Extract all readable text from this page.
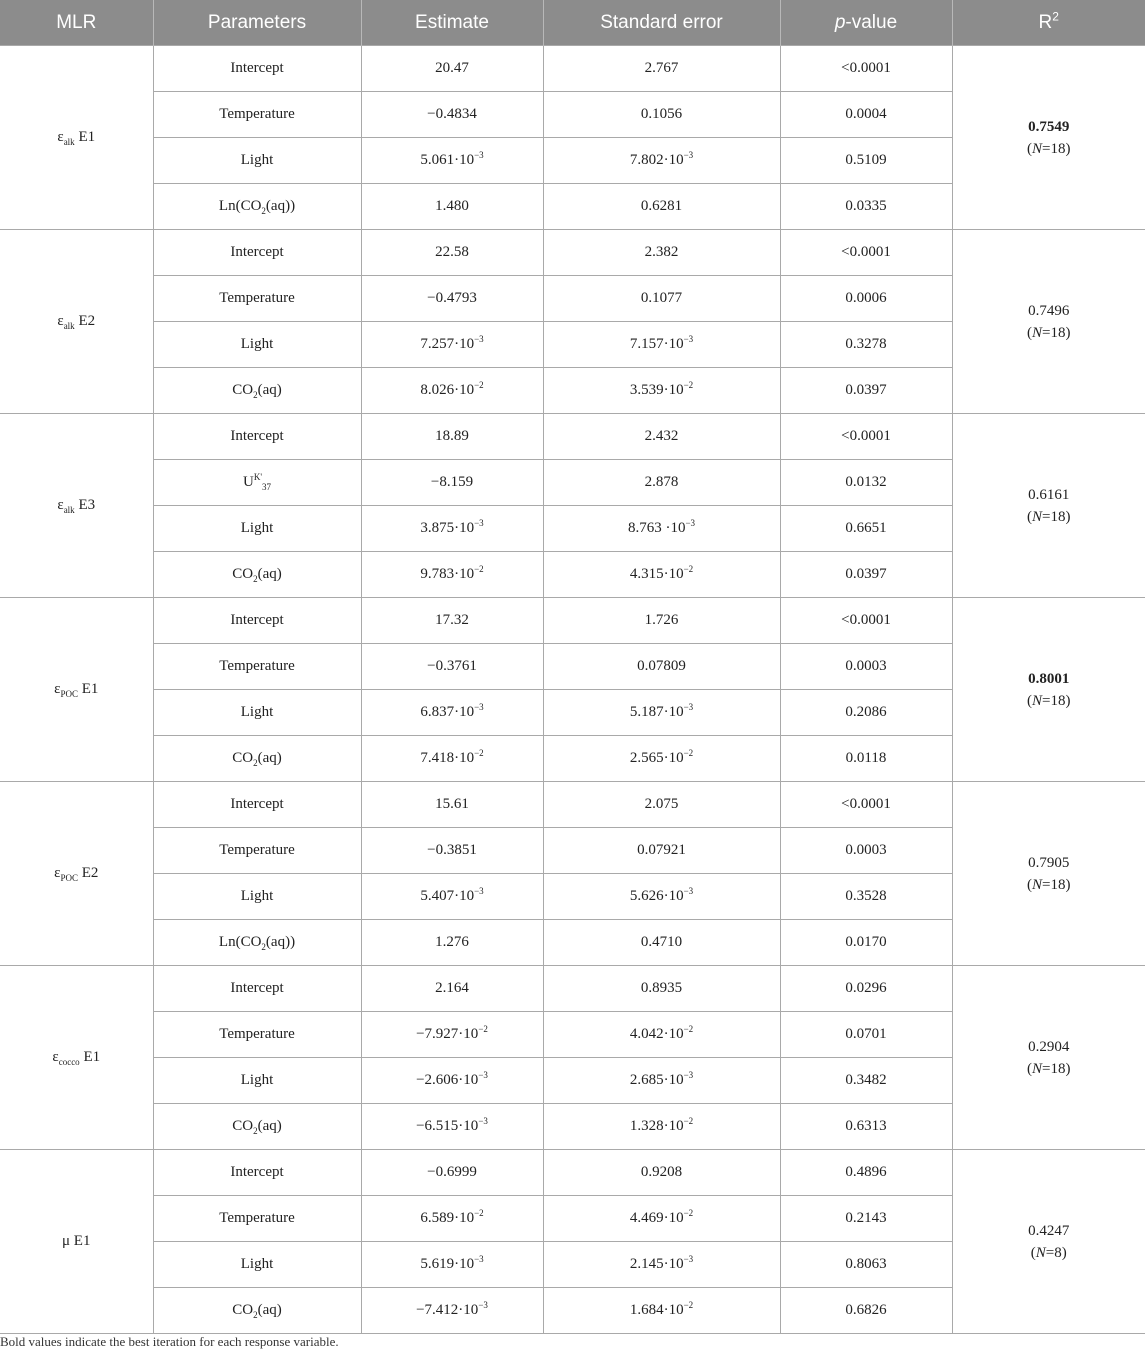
MLR	Parameters	Estimate	Standard error	p-value	$R^2$
$\varepsilon_{alk}$ E1	Intercept	20.47	2.767	<0.0001	0.7549
(N=18)

	Temperature	−0.4834	0.1056	0.0004	
	Light	$5.061\cdot 10^{-3}$	$7.802\cdot 10^{-3}$	0.5109	
	$Ln(CO_2(aq))$	1.480	0.6281	0.0335	
$\varepsilon_{alk}$ E2	Intercept	22.58	2.382	<0.0001	0.7496
(N=18)

	Temperature	−0.4793	0.1077	0.0006	
	Light	$7.257\cdot 10^{-3}$	$7.157\cdot 10^{-3}$	0.3278	
	$CO_2(aq)$	$8.026\cdot 10^{-2}$	$3.539\cdot 10^{-2}$	0.0397	
$\varepsilon_{alk}$ E3	Intercept	18.89	2.432	<0.0001	0.6161
(N=18)

	$U^{K'}_{37}$	−8.159	2.878	0.0132	
	Light	$3.875\cdot 10^{-3}$	$8.763 \cdot 10^{-3}$	0.6651	
	$CO_2(aq)$	$9.783\cdot 10^{-2}$	$4.315\cdot 10^{-2}$	0.0397	
$\varepsilon_{POC}$ E1	Intercept	17.32	1.726	<0.0001	0.8001
(N=18)

	Temperature	−0.3761	0.07809	0.0003	
	Light	$6.837\cdot 10^{-3}$	$5.187\cdot 10^{-3}$	0.2086	
	$CO_2(aq)$	$7.418\cdot 10^{-2}$	$2.565\cdot 10^{-2}$	0.0118	
$\varepsilon_{POC}$ E2	Intercept	15.61	2.075	<0.0001	0.7905
(N=18)

	Temperature	−0.3851	0.07921	0.0003	
	Light	$5.407\cdot 10^{-3}$	$5.626\cdot 10^{-3}$	0.3528	
	$Ln(CO_2(aq))$	1.276	0.4710	0.0170	
$\varepsilon_{cocco}$ E1	Intercept	2.164	0.8935	0.0296	0.2904
(N=18)

	Temperature	$-7.927\cdot 10^{-2}$	$4.042\cdot 10^{-2}$	0.0701	
	Light	$-2.606\cdot 10^{-3}$	$2.685\cdot 10^{-3}$	0.3482	
	$CO_2(aq)$	$-6.515\cdot 10^{-3}$	$1.328\cdot 10^{-2}$	0.6313	
μ E1	Intercept	−0.6999	0.9208	0.4896	0.4247
(N=8)

	Temperature	$6.589\cdot 10^{-2}$	$4.469\cdot 10^{-2}$	0.2143	
	Light	$5.619\cdot 10^{-3}$	$2.145\cdot 10^{-3}$	0.8063	
	$CO_2(aq)$	$-7.412\cdot 10^{-3}$	$1.684\cdot 10^{-2}$	0.6826	
Bold values indicate the best iteration for each response variable.
